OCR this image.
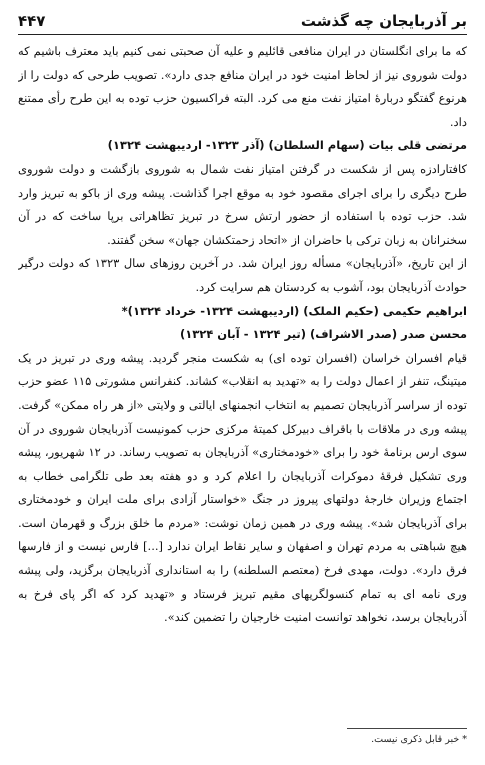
۴۴۷	بر آذربایجان چه گذشت

که ما برای انگلستان در ایران منافعی قائلیم و علیه آن صحبتی نمی کنیم باید معترف باشیم که دولت شوروی نیز از لحاظ امنیت خود در ایران منافع جدی دارد». تصویب طرحی که دولت را از هرنوع گفتگو دربارهٔ امتیاز نفت منع می کرد. البته فراکسیون حزب توده به این طرح رأی ممتنع داد.

مرتضی قلی بیات (سهام السلطان) (آذر ۱۳۲۳- اردیبهشت ۱۳۲۴)

کافتارادزه پس از شکست در گرفتن امتیاز نفت شمال به شوروی بازگشت و دولت شوروی طرح دیگری را برای اجرای مقصود خود به موقع اجرا گذاشت. پیشه وری از باکو به تبریز وارد شد. حزب توده با استفاده از حضور ارتش سرخ در تبریز تظاهراتی برپا ساخت که در آن سخنرانان به زبان ترکی با حاضران از «اتحاد زحمتکشان جهان» سخن گفتند.

از این تاریخ، «آذربایجان» مسأله روز ایران شد. در آخرین روزهای سال ۱۳۲۳ که دولت درگیر حوادث آذربایجان بود، آشوب به کردستان هم سرایت کرد.

ابراهیم حکیمی (حکیم الملک) (اردیبهشت ۱۳۲۴- خرداد ۱۳۲۴)*
محسن صدر (صدر الاشراف) (تیر ۱۳۲۴ - آبان ۱۳۲۴)

قیام افسران خراسان (افسران توده ای) به شکست منجر گردید. پیشه وری در تبریز در یک میتینگ، تنفر از اعمال دولت را به «تهدید به انقلاب» کشاند. کنفرانس مشورتی ۱۱۵ عضو حزب توده از سراسر آذربایجان تصمیم به انتخاب انجمنهای ایالتی و ولایتی «از هر راه ممکن» گرفت. پیشه وری در ملاقات با باقراف دبیرکل کمیتهٔ مرکزی حزب کمونیست آذربایجان شوروی در آن سوی ارس برنامهٔ خود را برای «خودمختاری» آذربایجان به تصویب رساند. در ۱۲ شهریور، پیشه وری تشکیل فرقهٔ دموکرات آذربایجان را اعلام کرد و دو هفته بعد طی تلگرامی خطاب به اجتماع وزیران خارجهٔ دولتهای پیروز در جنگ «خواستار آزادی برای ملت ایران و خودمختاری برای آذربایجان شد». پیشه وری در همین زمان نوشت: «مردم ما خلق بزرگ و قهرمان است. هیچ شباهتی به مردم تهران و اصفهان و سایر نقاط ایران ندارد [...] فارس نیست و از فارسها فرق دارد». دولت، مهدی فرخ (معتصم السلطنه) را به استانداری آذربایجان برگزید، ولی پیشه وری نامه ای به تمام کنسولگریهای مقیم تبریز فرستاد و «تهدید کرد که اگر پای فرخ به آذربایجان برسد، نخواهد توانست امنیت خارجیان را تضمین کند».

* خبر قابل ذکری نیست.
